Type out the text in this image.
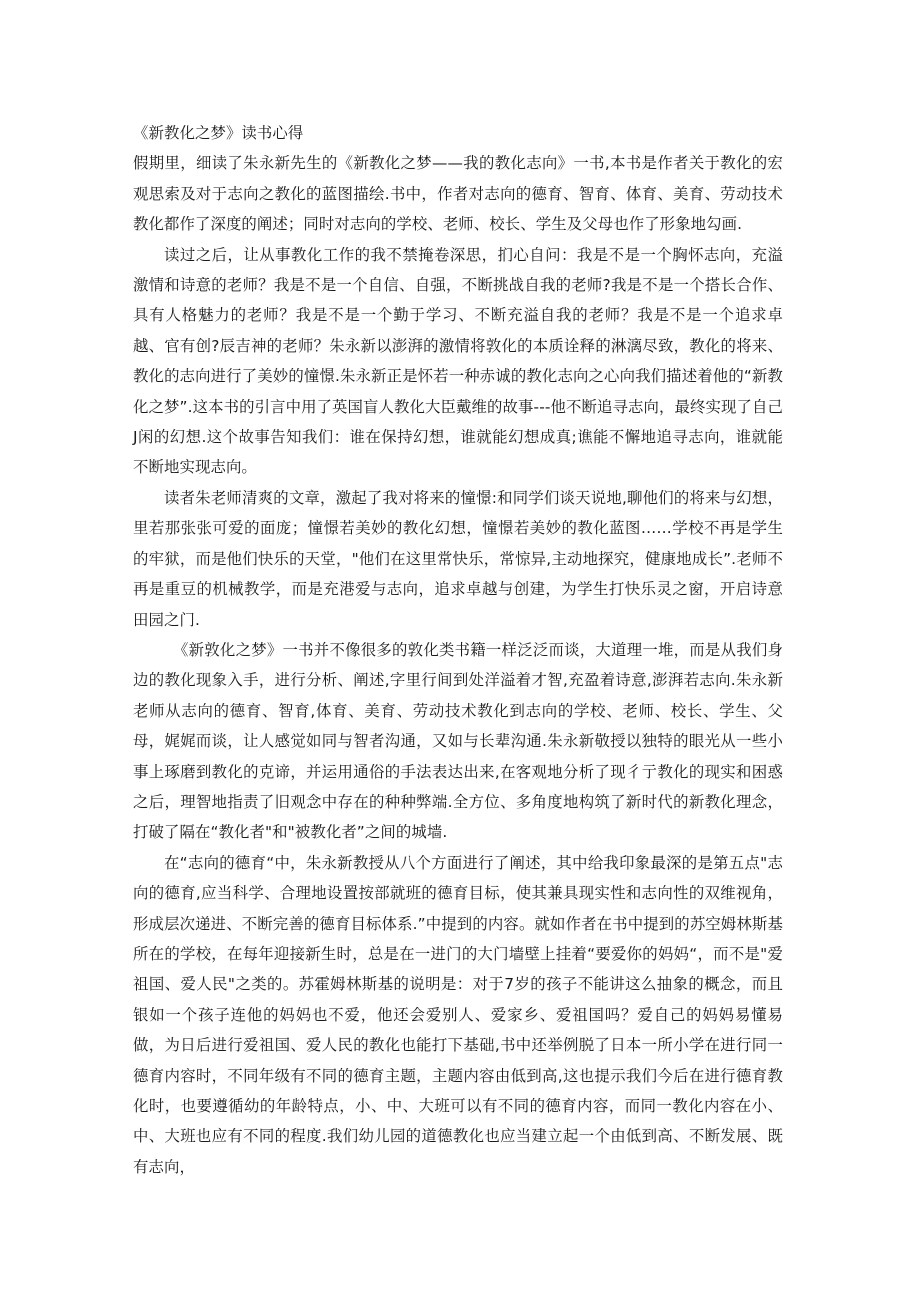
《新教化之梦》读书心得

假期里，细读了朱永新先生的《新教化之梦——我的教化志向》一书,本书是作者关于教化的宏观思索及对于志向之教化的蓝图描绘.书中，作者对志向的德育、智育、体育、美育、劳动技术教化都作了深度的阐述；同时对志向的学校、老师、校长、学生及父母也作了形象地勾画.

读过之后，让从事教化工作的我不禁掩卷深思，扪心自问：我是不是一个胸怀志向，充溢激情和诗意的老师？我是不是一个自信、自强，不断挑战自我的老师?我是不是一个搭长合作、具有人格魅力的老师？我是不是一个勤于学习、不断充溢自我的老师？我是不是一个追求卓越、官有创?辰吉神的老师？朱永新以澎湃的激情将敦化的本质诠释的淋漓尽致，教化的将来、教化的志向进行了美妙的憧憬.朱永新正是怀若一种赤诚的教化志向之心向我们描述着他的“新教化之梦”.这本书的引言中用了英国盲人教化大臣戴维的故事---他不断追寻志向，最终实现了自己J闲的幻想.这个故事告知我们：谁在保持幻想，谁就能幻想成真;谯能不懈地追寻志向，谁就能不断地实现志向。

读者朱老师清爽的文章，激起了我对将来的憧憬:和同学们谈天说地,聊他们的将来与幻想，里若那张张可爱的面庞；憧憬若美妙的教化幻想，憧憬若美妙的教化蓝图……学校不再是学生的牢狱，而是他们快乐的天堂，"他们在这里常快乐，常惊异,主动地探究，健康地成长”.老师不再是重豆的机械教学，而是充港爱与志向，追求卓越与创建，为学生打快乐灵之窗，开启诗意田园之门.

《新敦化之梦》一书并不像很多的敦化类书籍一样泛泛而谈，大道理一堆，而是从我们身边的教化现象入手，进行分析、阐述,字里行间到处洋溢着才智,充盈着诗意,澎湃若志向.朱永新老师从志向的德育、智育,体育、美育、劳动技术教化到志向的学校、老师、校长、学生、父母，娓娓而谈，让人感觉如同与智者沟通，又如与长辈沟通.朱永新敬授以独特的眼光从一些小事上琢磨到教化的克谛，并运用通俗的手法表达出来,在客观地分析了现彳亍教化的现实和困惑之后，理智地指责了旧观念中存在的种种弊端.全方位、多角度地构筑了新时代的新教化理念，打破了隔在“教化者"和"被教化者”之间的城墙.

在“志向的德育“中，朱永新教授从八个方面进行了阐述，其中给我印象最深的是第五点"志向的德育,应当科学、合理地设置按部就班的德育目标，使其兼具现实性和志向性的双维视角，形成层次递进、不断完善的德育目标体系.”中提到的内容。就如作者在书中提到的苏空姆林斯基所在的学校，在每年迎接新生时，总是在一进门的大门墙壁上挂着“要爱你的妈妈“，而不是"爱祖国、爱人民"之类的。苏霍姆林斯基的说明是：对于7岁的孩子不能讲这么抽象的概念，而且银如一个孩子连他的妈妈也不爱，他还会爱别人、爱家乡、爱祖国吗？爱自己的妈妈易懂易做，为日后进行爱祖国、爱人民的教化也能打下基础,书中还举例脱了日本一所小学在进行同一德育内容时，不同年级有不同的德育主题，主题内容由低到高,这也提示我们今后在进行德育教化时，也要遵循幼的年龄特点，小、中、大班可以有不同的德育内容，而同一教化内容在小、中、大班也应有不同的程度.我们幼儿园的道德教化也应当建立起一个由低到高、不断发展、既有志向，
